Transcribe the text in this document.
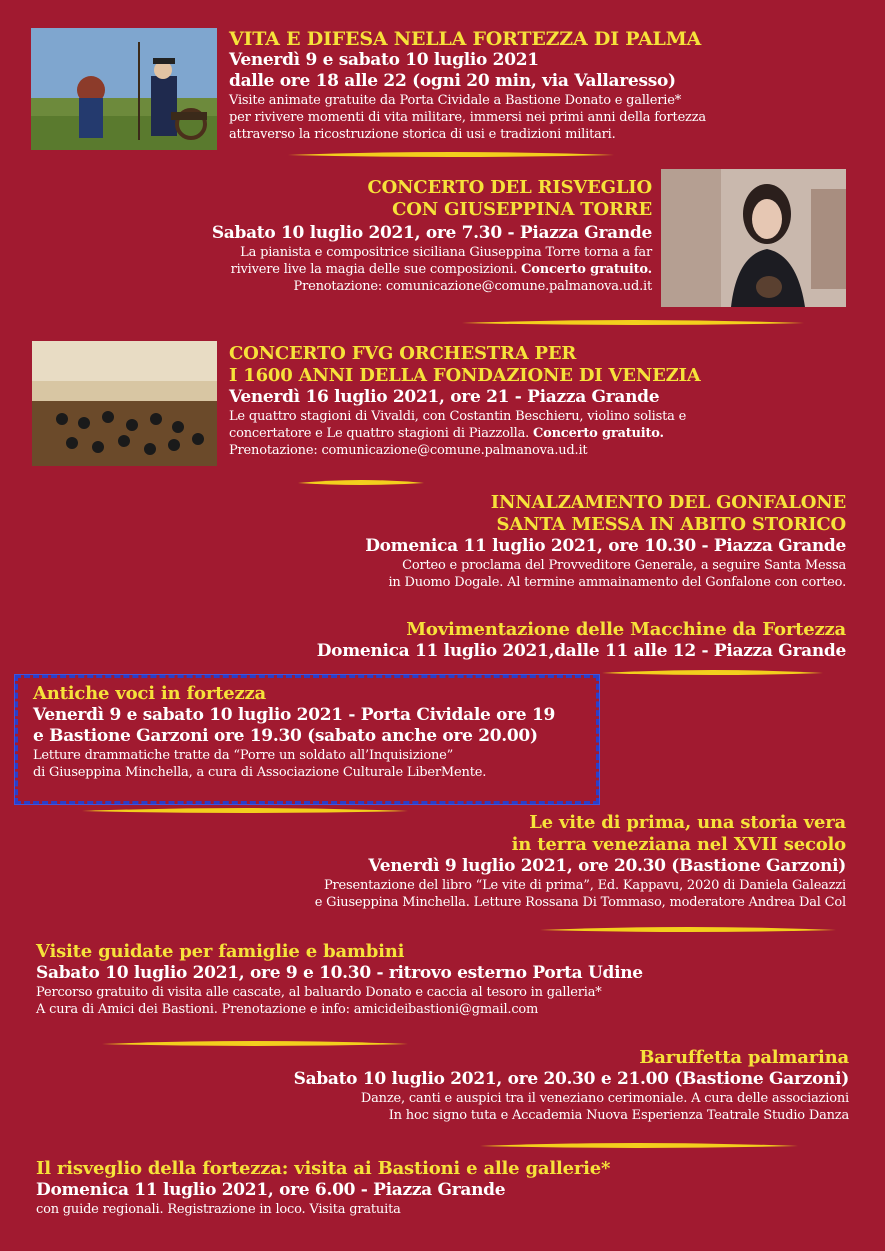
VITA E DIFESA NELLA FORTEZZA DI PALMA
Venerdì 9 e sabato 10 luglio 2021
dalle ore 18 alle 22 (ogni 20 min, via Vallaresso)
Visite animate gratuite da Porta Cividale a Bastione Donato e gallerie*
per rivivere momenti di vita militare, immersi nei primi anni della fortezza
attraverso la ricostruzione storica di usi e tradizioni militari.
CONCERTO DEL RISVEGLIO
CON GIUSEPPINA TORRE
Sabato 10 luglio 2021, ore 7.30 - Piazza Grande
La pianista e compositrice siciliana Giuseppina Torre torna a far
rivivere live la magia delle sue composizioni. Concerto gratuito.
Prenotazione: comunicazione@comune.palmanova.ud.it
CONCERTO FVG ORCHESTRA PER
I 1600 ANNI DELLA FONDAZIONE DI VENEZIA
Venerdì 16 luglio 2021, ore 21 - Piazza Grande
Le quattro stagioni di Vivaldi, con Costantin Beschieru, violino solista e
concertatore e Le quattro stagioni di Piazzolla. Concerto gratuito.
Prenotazione: comunicazione@comune.palmanova.ud.it
INNALZAMENTO DEL GONFALONE
SANTA MESSA IN ABITO STORICO
Domenica 11 luglio 2021, ore 10.30 - Piazza Grande
Corteo e proclama del Provveditore Generale, a seguire Santa Messa
in Duomo Dogale. Al termine ammainamento del Gonfalone con corteo.
Movimentazione delle Macchine da Fortezza
Domenica 11 luglio 2021,dalle 11 alle 12 - Piazza Grande
Antiche voci in fortezza
Venerdì 9 e sabato 10 luglio 2021 - Porta Cividale ore 19
e Bastione Garzoni ore 19.30 (sabato anche ore 20.00)
Letture drammatiche tratte da “Porre un soldato all’Inquisizione”
di Giuseppina Minchella, a cura di Associazione Culturale LiberMente.
Le vite di prima, una storia vera
in terra veneziana nel XVII secolo
Venerdì 9 luglio 2021, ore 20.30 (Bastione Garzoni)
Presentazione del libro “Le vite di prima”, Ed. Kappavu, 2020 di Daniela Galeazzi
e Giuseppina Minchella. Letture Rossana Di Tommaso, moderatore Andrea Dal Col
Visite guidate per famiglie e bambini
Sabato 10 luglio 2021, ore 9 e 10.30 - ritrovo esterno Porta Udine
Percorso gratuito di visita alle cascate, al baluardo Donato e caccia al tesoro in galleria*
A cura di Amici dei Bastioni. Prenotazione e info: amicideibastioni@gmail.com
Baruffetta palmarina
Sabato 10 luglio 2021, ore 20.30 e 21.00 (Bastione Garzoni)
Danze, canti e auspici tra il veneziano cerimoniale. A cura delle associazioni
In hoc signo tuta e Accademia Nuova Esperienza Teatrale Studio Danza
Il risveglio della fortezza: visita ai Bastioni e alle gallerie*
Domenica 11 luglio 2021, ore 6.00 - Piazza Grande
con guide regionali. Registrazione in loco. Visita gratuita
